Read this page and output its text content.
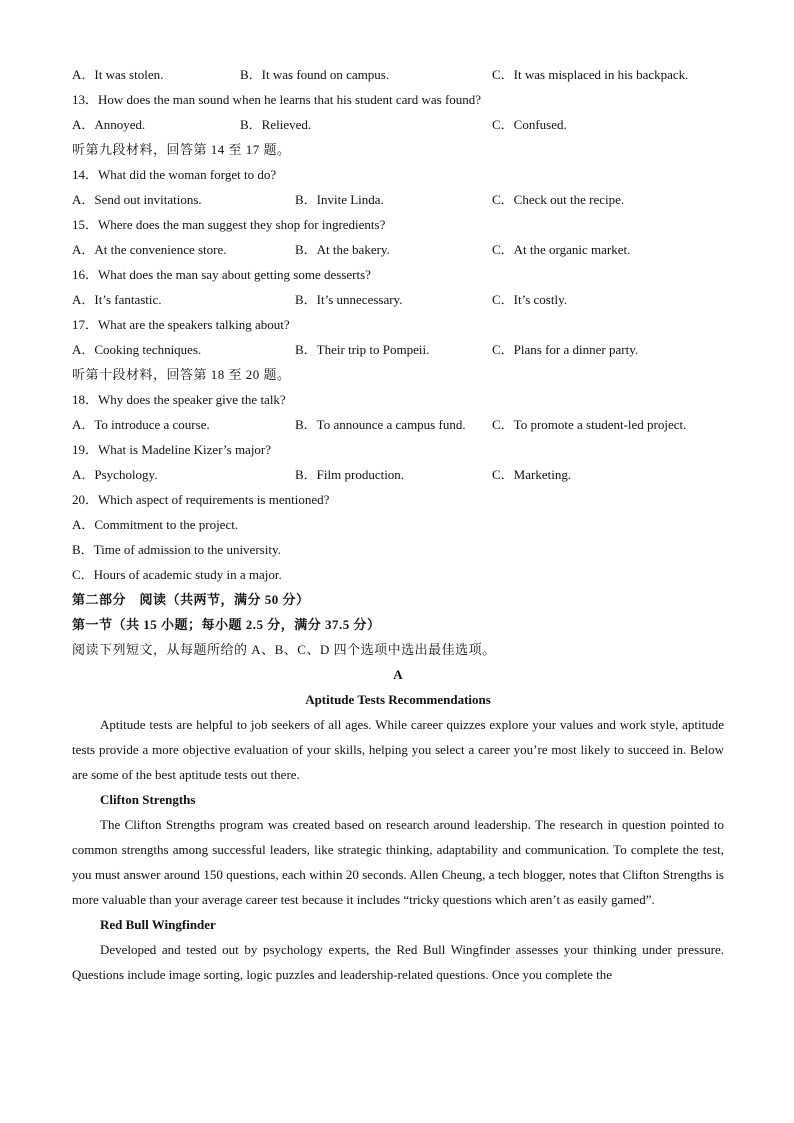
A．It was stolen.	B．It was found on campus.	C．It was misplaced in his backpack.
13．How does the man sound when he learns that his student card was found?
A．Annoyed.	B．Relieved.	C．Confused.
听第九段材料，回答第 14 至 17 题。
14．What did the woman forget to do?
A．Send out invitations.	B．Invite Linda.	C．Check out the recipe.
15．Where does the man suggest they shop for ingredients?
A．At the convenience store.	B．At the bakery.	C．At the organic market.
16．What does the man say about getting some desserts?
A．It’s fantastic.	B．It’s unnecessary.	C．It’s costly.
17．What are the speakers talking about?
A．Cooking techniques.	B．Their trip to Pompeii.	C．Plans for a dinner party.
听第十段材料，回答第 18 至 20 题。
18．Why does the speaker give the talk?
A．To introduce a course.	B．To announce a campus fund. C．To promote a student-led project.
19．What is Madeline Kizer’s major?
A．Psychology.	B．Film production.	C．Marketing.
20．Which aspect of requirements is mentioned?
A．Commitment to the project.
B．Time of admission to the university.
C．Hours of academic study in a major.
第二部分　阅读（共两节，满分 50 分）
第一节（共 15 小题；每小题 2.5 分，满分 37.5 分）
阅读下列短文，从每题所给的 A、B、C、D 四个选项中选出最佳选项。
A
Aptitude Tests Recommendations
Aptitude tests are helpful to job seekers of all ages. While career quizzes explore your values and work style, aptitude tests provide a more objective evaluation of your skills, helping you select a career you’re most likely to succeed in. Below are some of the best aptitude tests out there.
Clifton Strengths
The Clifton Strengths program was created based on research around leadership. The research in question pointed to common strengths among successful leaders, like strategic thinking, adaptability and communication. To complete the test, you must answer around 150 questions, each within 20 seconds. Allen Cheung, a tech blogger, notes that Clifton Strengths is more valuable than your average career test because it includes “tricky questions which aren’t as easily gamed”.
Red Bull Wingfinder
Developed and tested out by psychology experts, the Red Bull Wingfinder assesses your thinking under pressure. Questions include image sorting, logic puzzles and leadership-related questions. Once you complete the
